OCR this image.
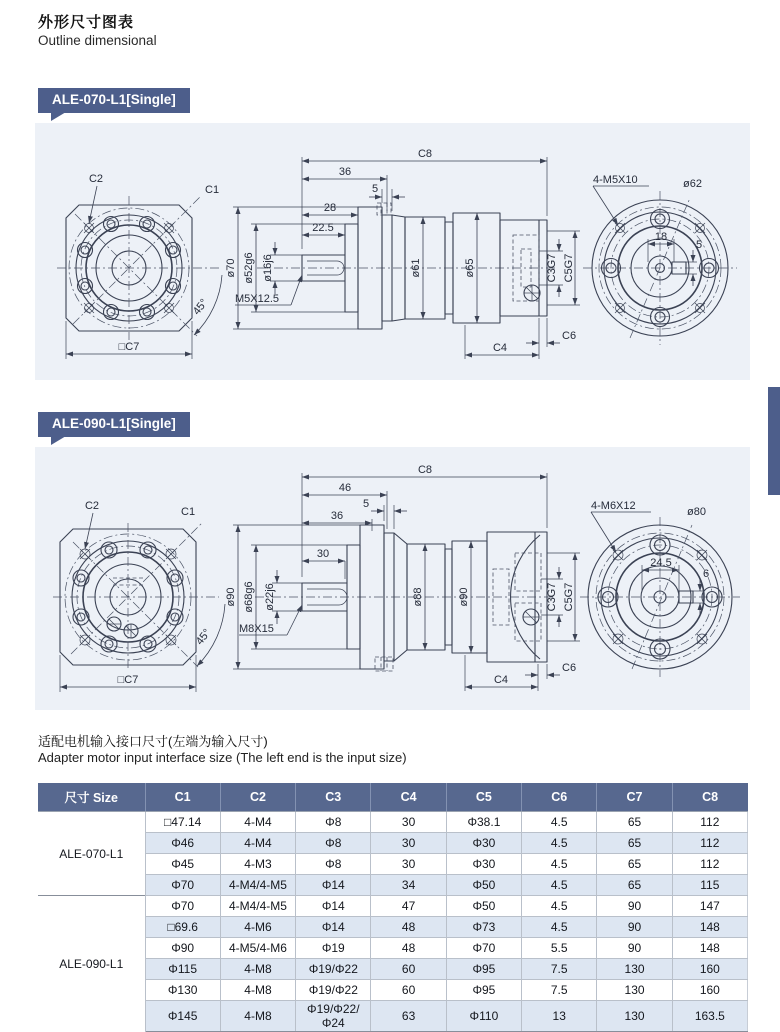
外形尺寸图表
Outline dimensional
ALE-070-L1[Single]
C2
C1
45°
□C7
ø70 ø52g6 ø16j6
M5X12.5
C8
36
5
28
22.5
ø61	ø65	C3G7 C5G7
C4
C6
4-M5X10	ø62
18
5
ALE-090-L1[Single]
C2	C1
45°
□C7
ø90 ø68g6 ø22j6
M8X15
C8
46
5
36
30
ø88	ø90	C3G7 C5G7
C4
C6
4-M6X12	ø80
24.5
6
适配电机输入接口尺寸(左端为输入尺寸)
Adapter motor input interface size (The left end is the input size)
尺寸 Size	C1	C2	C3	C4	C5	C6	C7	C8
ALE-070-L1	□47.14	4-M4	Φ8	30	Φ38.1	4.5	65	112
	Φ46	4-M4	Φ8	30	Φ30	4.5	65	112
	Φ45	4-M3	Φ8	30	Φ30	4.5	65	112
	Φ70	4-M4/4-M5	Φ14	34	Φ50	4.5	65	115
ALE-090-L1	Φ70	4-M4/4-M5	Φ14	47	Φ50	4.5	90	147
	□69.6	4-M6	Φ14	48	Φ73	4.5	90	148
	Φ90	4-M5/4-M6	Φ19	48	Φ70	5.5	90	148
	Φ115	4-M8	Φ19/Φ22	60	Φ95	7.5	130	160
	Φ130	4-M8	Φ19/Φ22	60	Φ95	7.5	130	160
	Φ145	4-M8	Φ19/Φ22/Φ24	63	Φ110	13	130	163.5
